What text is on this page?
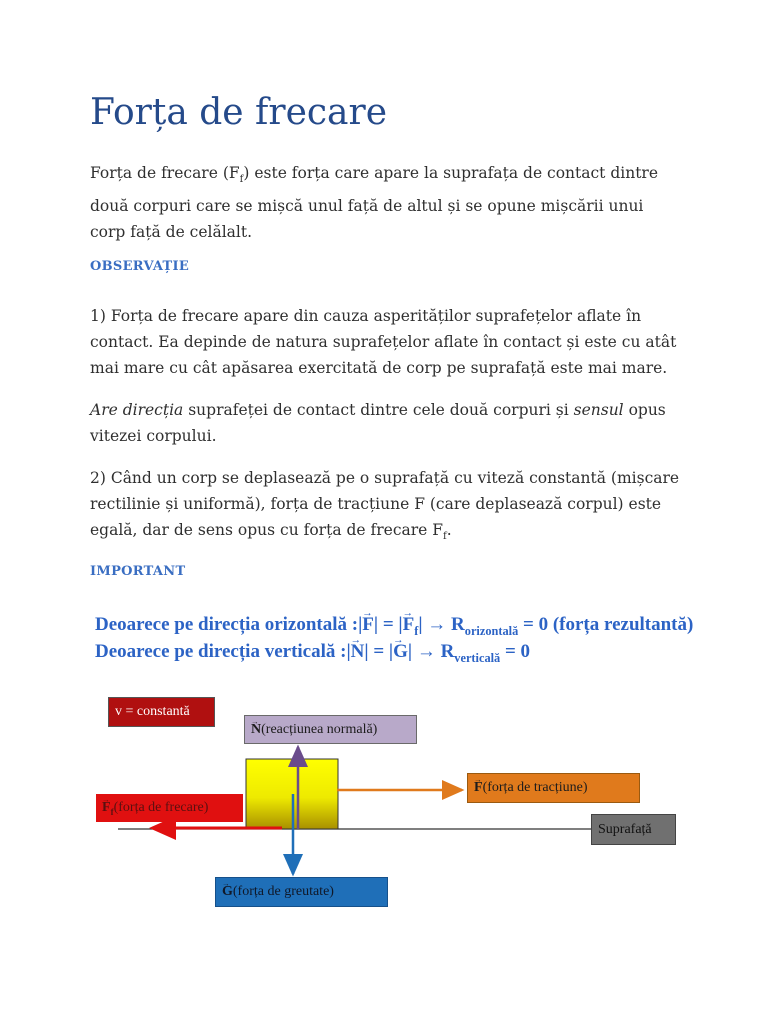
Forța de frecare

Forța de frecare $(F_f)$ este forța care apare la suprafața de contact dintre două corpuri care se mișcă unul față de altul și se opune mișcării unui corp față de celălalt.

OBSERVAȚIE

1) Forța de frecare apare din cauza asperităților suprafețelor aflate în contact. Ea depinde de natura suprafețelor aflate în contact și este cu atât mai mare cu cât apăsarea exercitată de corp pe suprafață este mai mare.

Are direcția suprafeței de contact dintre cele două corpuri și sensul opus vitezei corpului.

2) Când un corp se deplasează pe o suprafață cu viteză constantă (mișcare rectilinie și uniformă), forța de tracțiune F (care deplasează corpul) este egală, dar de sens opus cu forța de frecare $F_f$.

IMPORTANT

Deoarece pe direcția orizontală :|→ F| = |→ $F_f| \to R_{orizontală} = 0$ (forța rezultantă)
Deoarece pe direcția verticală :|→ N| = |→ $G| \to R_{verticală} = 0$
v = constantă
→ N (reacțiunea normală)
→ F (forța de tracțiune)
→ $F_f$ (forța de frecare)
Suprafață
→ G (forța de greutate)
